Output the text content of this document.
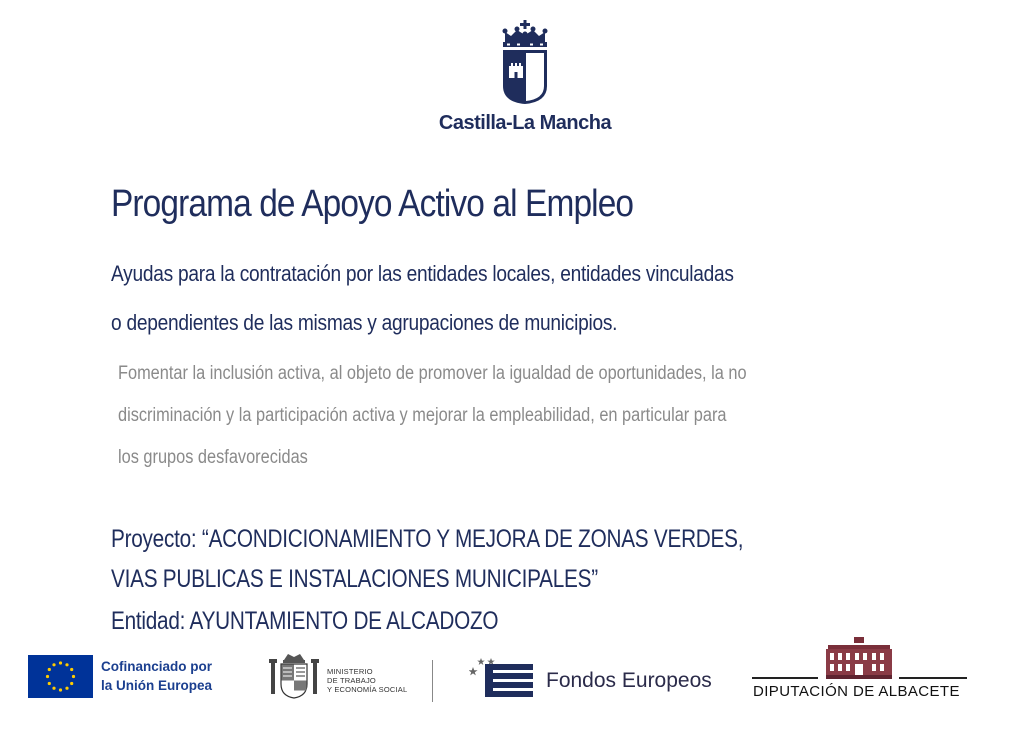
Castilla-La Mancha
Programa de Apoyo Activo al Empleo
Ayudas para la contratación por las entidades locales, entidades vinculadas
o dependientes de las mismas y agrupaciones de municipios.
Fomentar la inclusión activa, al objeto de promover la igualdad de oportunidades, la no
discriminación y la participación activa y mejorar la empleabilidad, en particular para
los grupos desfavorecidas
Proyecto: “ACONDICIONAMIENTO Y MEJORA DE ZONAS VERDES,
VIAS PUBLICAS E INSTALACIONES MUNICIPALES”
Entidad: AYUNTAMIENTO DE ALCADOZO
Cofinanciado por
la Unión Europea
MINISTERIO
DE TRABAJO
Y ECONOMÍA SOCIAL	Fondos Europeos	DIPUTACIÓN DE ALBACETE
